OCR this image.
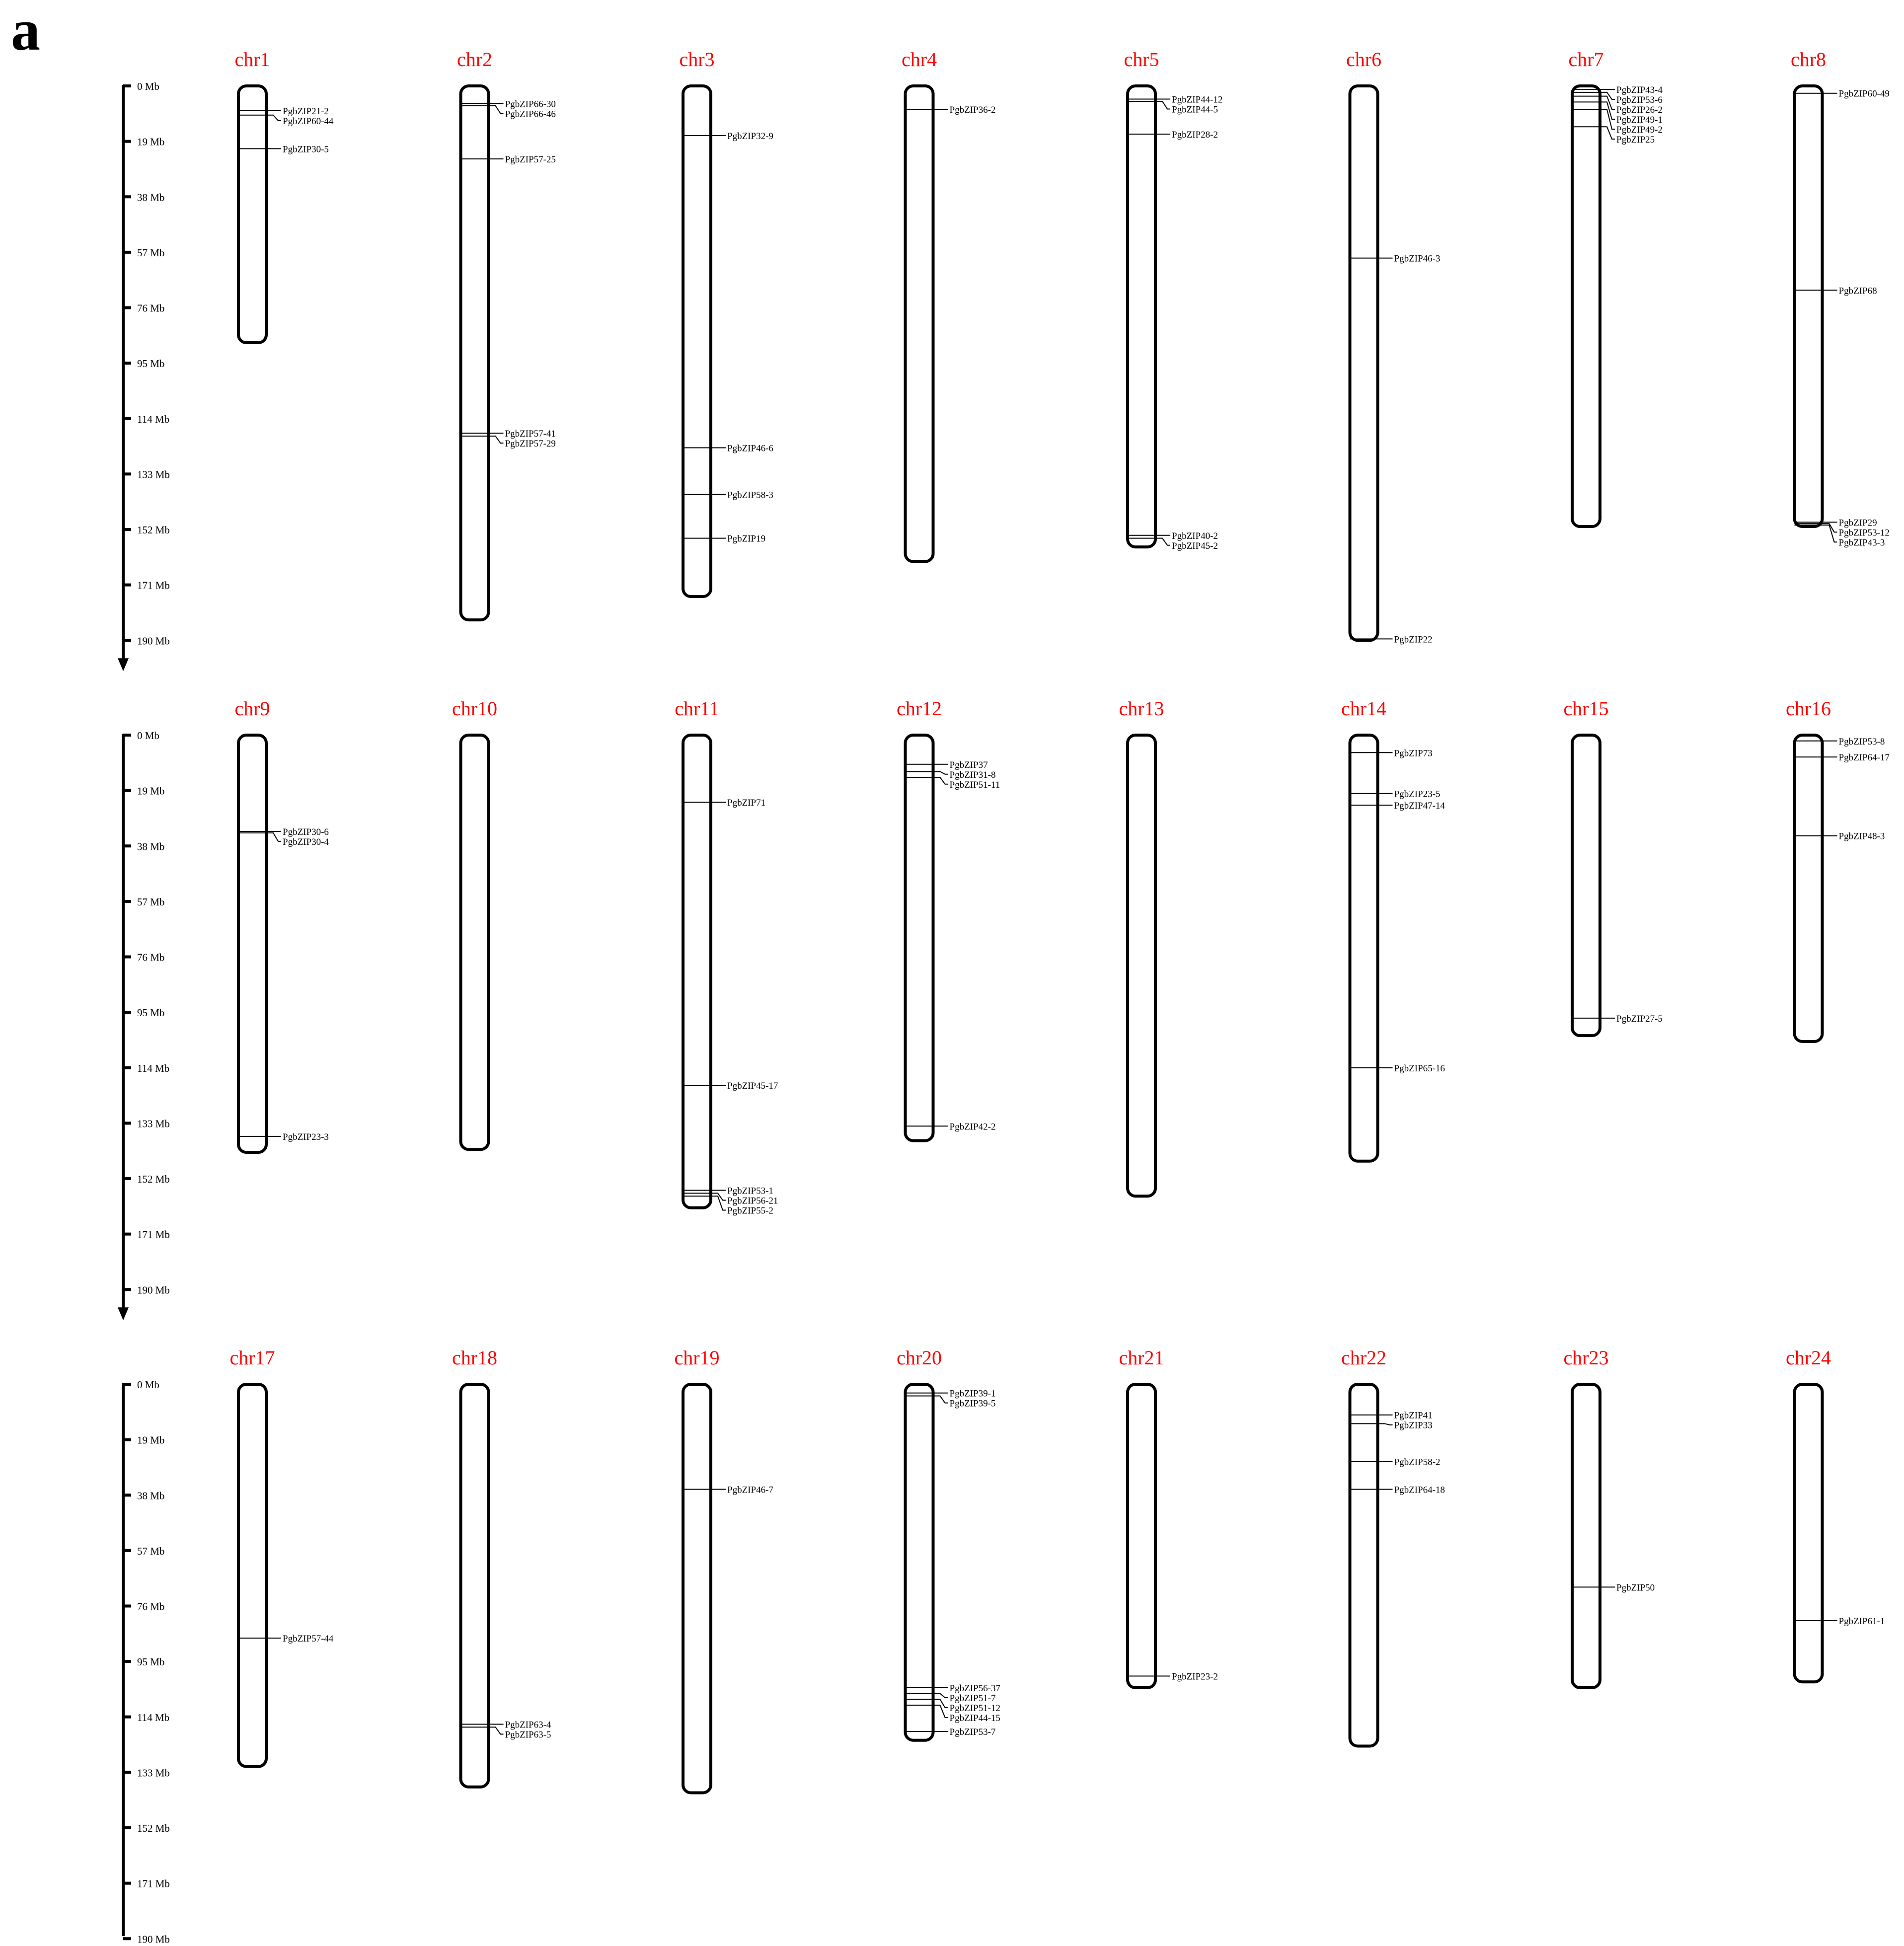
a
0 Mb
19 Mb
38 Mb
57 Mb
76 Mb
95 Mb
114 Mb
133 Mb
152 Mb
171 Mb
190 Mb
0 Mb
19 Mb
38 Mb
57 Mb
76 Mb
95 Mb
114 Mb
133 Mb
152 Mb
171 Mb
190 Mb
0 Mb
19 Mb
38 Mb
57 Mb
76 Mb
95 Mb
114 Mb
133 Mb
152 Mb
171 Mb
190 Mb
chr1
PgbZIP21-2
PgbZIP60-44
PgbZIP30-5
chr2
PgbZIP66-30
PgbZIP66-46
PgbZIP57-25
PgbZIP57-41
PgbZIP57-29
chr3
PgbZIP32-9
PgbZIP46-6
PgbZIP58-3
PgbZIP19
chr4
PgbZIP36-2
chr5
PgbZIP44-12
PgbZIP44-5
PgbZIP28-2
PgbZIP40-2
PgbZIP45-2
chr6
PgbZIP46-3
PgbZIP22
chr7
PgbZIP43-4
PgbZIP53-6
PgbZIP26-2
PgbZIP49-1
PgbZIP49-2
PgbZIP25
chr8
PgbZIP60-49
PgbZIP68
PgbZIP29
PgbZIP53-12
PgbZIP43-3
chr9
PgbZIP30-6
PgbZIP30-4
PgbZIP23-3
chr10	chr11
PgbZIP71
PgbZIP45-17
PgbZIP53-1
PgbZIP56-21
PgbZIP55-2
chr12
PgbZIP37
PgbZIP31-8
PgbZIP51-11
PgbZIP42-2
chr13	chr14
PgbZIP73
PgbZIP23-5
PgbZIP47-14
PgbZIP65-16
chr15
PgbZIP27-5
chr16
PgbZIP53-8
PgbZIP64-17
PgbZIP48-3
chr17
PgbZIP57-44
chr18
PgbZIP63-4
PgbZIP63-5
chr19
PgbZIP46-7
chr20
PgbZIP39-1
PgbZIP39-5
PgbZIP56-37
PgbZIP51-7
PgbZIP51-12
PgbZIP44-15
PgbZIP53-7
chr21
PgbZIP23-2
chr22
PgbZIP41
PgbZIP33
PgbZIP58-2
PgbZIP64-18
chr23
PgbZIP50
chr24
PgbZIP61-1
